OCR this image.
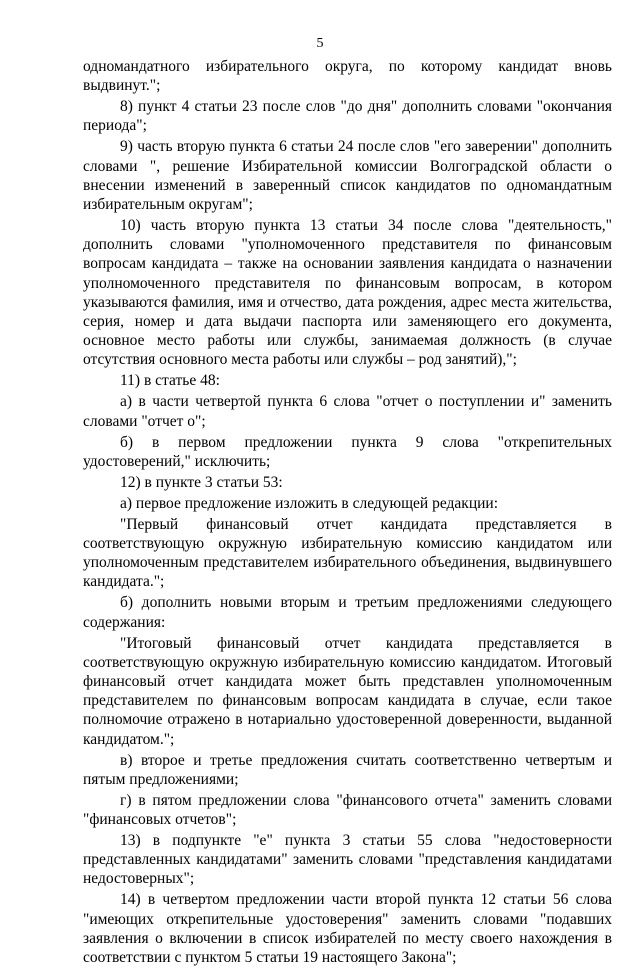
5

одномандатного избирательного округа, по которому кандидат вновь выдвинут.";

8) пункт 4 статьи 23 после слов "до дня" дополнить словами "окончания периода";

9) часть вторую пункта 6 статьи 24 после слов "его заверении" дополнить словами ", решение Избирательной комиссии Волгоградской области о внесении изменений в заверенный список кандидатов по одномандатным избирательным округам";

10) часть вторую пункта 13 статьи 34 после слова "деятельность," дополнить словами "уполномоченного представителя по финансовым вопросам кандидата – также на основании заявления кандидата о назначении уполномоченного представителя по финансовым вопросам, в котором указываются фамилия, имя и отчество, дата рождения, адрес места жительства, серия, номер и дата выдачи паспорта или заменяющего его документа, основное место работы или службы, занимаемая должность (в случае отсутствия основного места работы или службы – род занятий),";

11) в статье 48:

а) в части четвертой пункта 6 слова "отчет о поступлении и" заменить словами "отчет о";

б) в первом предложении пункта 9 слова "открепительных удостоверений," исключить;

12) в пункте 3 статьи 53:

а) первое предложение изложить в следующей редакции:

"Первый финансовый отчет кандидата представляется в соответствующую окружную избирательную комиссию кандидатом или уполномоченным представителем избирательного объединения, выдвинувшего кандидата.";

б) дополнить новыми вторым и третьим предложениями следующего содержания:

"Итоговый финансовый отчет кандидата представляется в соответствующую окружную избирательную комиссию кандидатом. Итоговый финансовый отчет кандидата может быть представлен уполномоченным представителем по финансовым вопросам кандидата в случае, если такое полномочие отражено в нотариально удостоверенной доверенности, выданной кандидатом.";

в) второе и третье предложения считать соответственно четвертым и пятым предложениями;

г) в пятом предложении слова "финансового отчета" заменить словами "финансовых отчетов";

13) в подпункте "е" пункта 3 статьи 55 слова "недостоверности представленных кандидатами" заменить словами "представления кандидатами недостоверных";

14) в четвертом предложении части второй пункта 12 статьи 56 слова "имеющих открепительные удостоверения" заменить словами "подавших заявления о включении в список избирателей по месту своего нахождения в соответствии с пунктом 5 статьи 19 настоящего Закона";
